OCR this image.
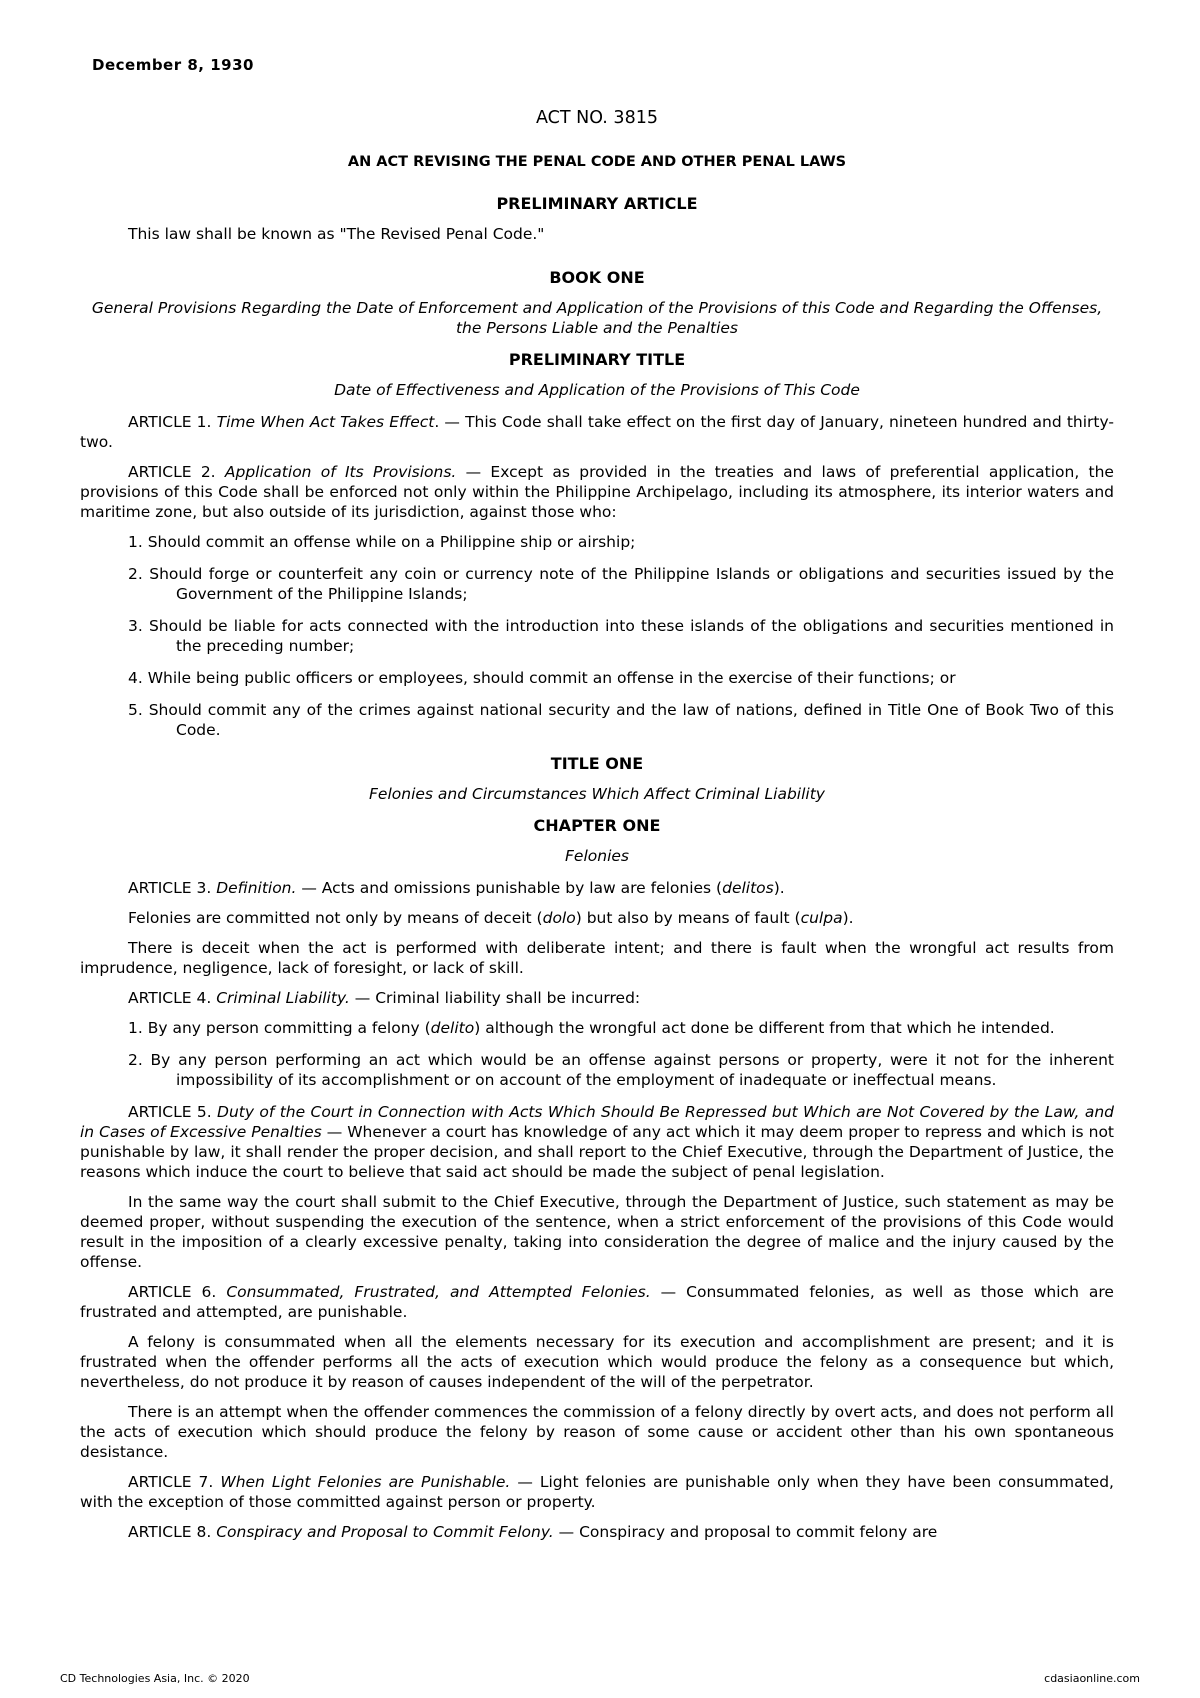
December 8, 1930
ACT NO. 3815
AN ACT REVISING THE PENAL CODE AND OTHER PENAL LAWS
PRELIMINARY ARTICLE

This law shall be known as "The Revised Penal Code."

BOOK ONE
General Provisions Regarding the Date of Enforcement and Application of the Provisions of this Code and Regarding the Offenses, the Persons Liable and the Penalties
PRELIMINARY TITLE
Date of Effectiveness and Application of the Provisions of This Code

ARTICLE 1. Time When Act Takes Effect. — This Code shall take effect on the first day of January, nineteen hundred and thirty-two.

ARTICLE 2. Application of Its Provisions. — Except as provided in the treaties and laws of preferential application, the provisions of this Code shall be enforced not only within the Philippine Archipelago, including its atmosphere, its interior waters and maritime zone, but also outside of its jurisdiction, against those who:

1. Should commit an offense while on a Philippine ship or airship;
2. Should forge or counterfeit any coin or currency note of the Philippine Islands or obligations and securities issued by the Government of the Philippine Islands;
3. Should be liable for acts connected with the introduction into these islands of the obligations and securities mentioned in the preceding number;
4. While being public officers or employees, should commit an offense in the exercise of their functions; or
5. Should commit any of the crimes against national security and the law of nations, defined in Title One of Book Two of this Code.
TITLE ONE
Felonies and Circumstances Which Affect Criminal Liability
CHAPTER ONE
Felonies

ARTICLE 3. Definition. — Acts and omissions punishable by law are felonies (delitos).

Felonies are committed not only by means of deceit (dolo) but also by means of fault (culpa).

There is deceit when the act is performed with deliberate intent; and there is fault when the wrongful act results from imprudence, negligence, lack of foresight, or lack of skill.

ARTICLE 4. Criminal Liability. — Criminal liability shall be incurred:

1. By any person committing a felony (delito) although the wrongful act done be different from that which he intended.
2. By any person performing an act which would be an offense against persons or property, were it not for the inherent impossibility of its accomplishment or on account of the employment of inadequate or ineffectual means.

ARTICLE 5. Duty of the Court in Connection with Acts Which Should Be Repressed but Which are Not Covered by the Law, and in Cases of Excessive Penalties — Whenever a court has knowledge of any act which it may deem proper to repress and which is not punishable by law, it shall render the proper decision, and shall report to the Chief Executive, through the Department of Justice, the reasons which induce the court to believe that said act should be made the subject of penal legislation.

In the same way the court shall submit to the Chief Executive, through the Department of Justice, such statement as may be deemed proper, without suspending the execution of the sentence, when a strict enforcement of the provisions of this Code would result in the imposition of a clearly excessive penalty, taking into consideration the degree of malice and the injury caused by the offense.

ARTICLE 6. Consummated, Frustrated, and Attempted Felonies. — Consummated felonies, as well as those which are frustrated and attempted, are punishable.

A felony is consummated when all the elements necessary for its execution and accomplishment are present; and it is frustrated when the offender performs all the acts of execution which would produce the felony as a consequence but which, nevertheless, do not produce it by reason of causes independent of the will of the perpetrator.

There is an attempt when the offender commences the commission of a felony directly by overt acts, and does not perform all the acts of execution which should produce the felony by reason of some cause or accident other than his own spontaneous desistance.

ARTICLE 7. When Light Felonies are Punishable. — Light felonies are punishable only when they have been consummated, with the exception of those committed against person or property.

ARTICLE 8. Conspiracy and Proposal to Commit Felony. — Conspiracy and proposal to commit felony are

CD Technologies Asia, Inc. © 2020	cdasiaonline.com
